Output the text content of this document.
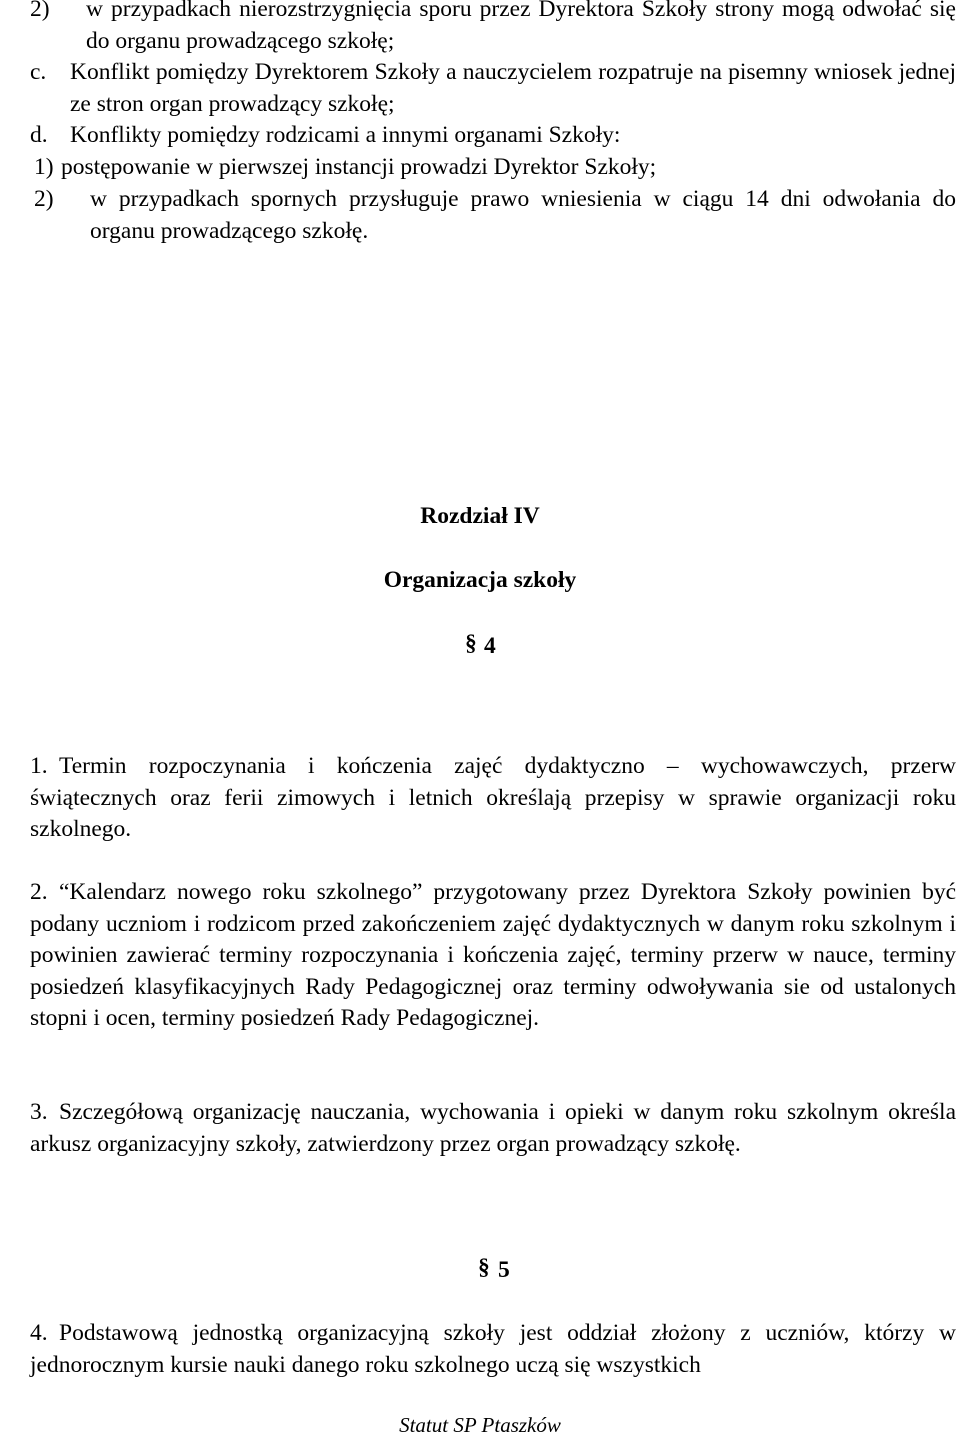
2) w przypadkach nierozstrzygnięcia sporu przez Dyrektora Szkoły strony mogą odwołać się do organu prowadzącego szkołę;
c. Konflikt pomiędzy Dyrektorem Szkoły a nauczycielem rozpatruje na pisemny wniosek jednej ze stron organ prowadzący szkołę;
d. Konflikty pomiędzy rodzicami a innymi organami Szkoły:
1) postępowanie w pierwszej instancji prowadzi Dyrektor Szkoły;
2) w przypadkach spornych przysługuje prawo wniesienia w ciągu 14 dni odwołania do organu prowadzącego szkołę.
Rozdział IV
Organizacja szkoły
§ 4
1. Termin rozpoczynania i kończenia zajęć dydaktyczno – wychowawczych, przerw świątecznych oraz ferii zimowych i letnich określają przepisy w sprawie organizacji roku szkolnego.
2. “Kalendarz nowego roku szkolnego” przygotowany przez Dyrektora Szkoły powinien być podany uczniom i rodzicom przed zakończeniem zajęć dydaktycznych w danym roku szkolnym i powinien zawierać terminy rozpoczynania i kończenia zajęć, terminy przerw w nauce, terminy posiedzeń klasyfikacyjnych Rady Pedagogicznej oraz terminy odwoływania sie od ustalonych stopni i ocen, terminy posiedzeń Rady Pedagogicznej.
3. Szczegółową organizację nauczania, wychowania i opieki w danym roku szkolnym określa arkusz organizacyjny szkoły, zatwierdzony przez organ prowadzący szkołę.
§ 5
4. Podstawową jednostką organizacyjną szkoły jest oddział złożony z uczniów, którzy w jednorocznym kursie nauki danego roku szkolnego uczą się wszystkich
Statut SP Ptaszków
